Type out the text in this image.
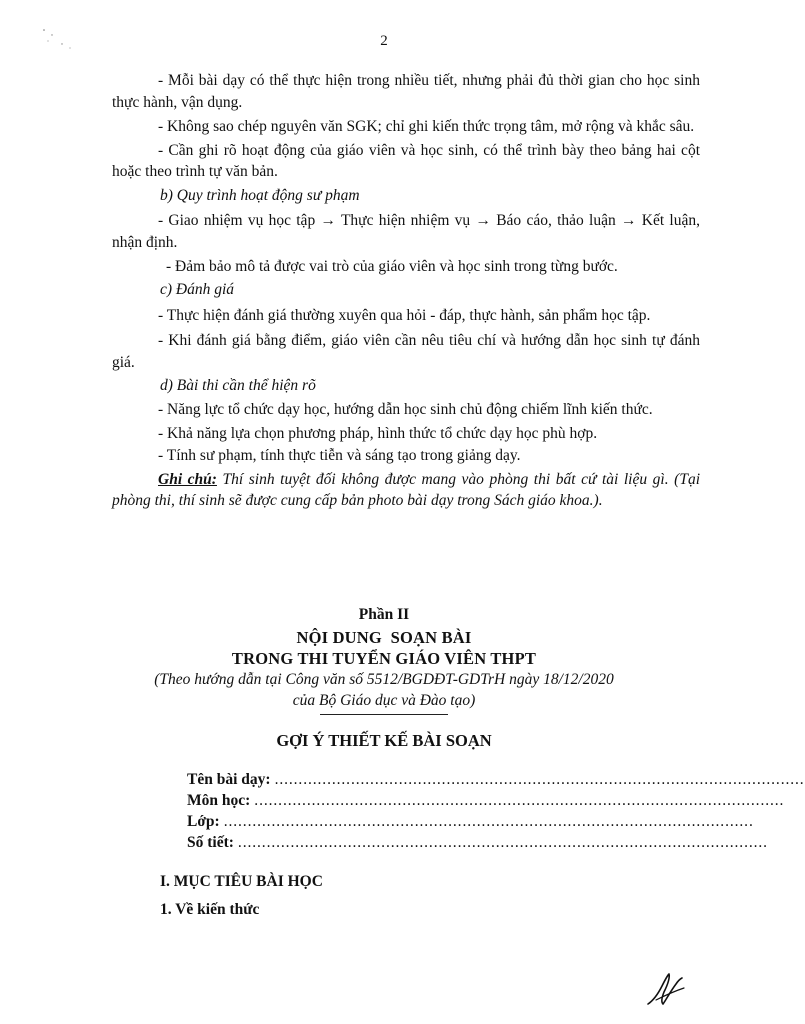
2

- Mỗi bài dạy có thể thực hiện trong nhiều tiết, nhưng phải đủ thời gian cho học sinh thực hành, vận dụng.

- Không sao chép nguyên văn SGK; chỉ ghi kiến thức trọng tâm, mở rộng và khắc sâu.

- Cần ghi rõ hoạt động của giáo viên và học sinh, có thể trình bày theo bảng hai cột hoặc theo trình tự văn bản.

b) Quy trình hoạt động sư phạm

- Giao nhiệm vụ học tập → Thực hiện nhiệm vụ → Báo cáo, thảo luận → Kết luận, nhận định.

- Đảm bảo mô tả được vai trò của giáo viên và học sinh trong từng bước.

c) Đánh giá

- Thực hiện đánh giá thường xuyên qua hỏi - đáp, thực hành, sản phẩm học tập.

- Khi đánh giá bằng điểm, giáo viên cần nêu tiêu chí và hướng dẫn học sinh tự đánh giá.

d) Bài thi cần thể hiện rõ

- Năng lực tổ chức dạy học, hướng dẫn học sinh chủ động chiếm lĩnh kiến thức.

- Khả năng lựa chọn phương pháp, hình thức tổ chức dạy học phù hợp.

- Tính sư phạm, tính thực tiễn và sáng tạo trong giảng dạy.

Ghi chú: Thí sinh tuyệt đối không được mang vào phòng thi bất cứ tài liệu gì. (Tại phòng thi, thí sinh sẽ được cung cấp bản photo bài dạy trong Sách giáo khoa.).

Phần II
NỘI DUNG  SOẠN BÀI
TRONG THI TUYỂN GIÁO VIÊN THPT
(Theo hướng dẫn tại Công văn số 5512/BGDĐT-GDTrH ngày 18/12/2020
của Bộ Giáo dục và Đào tạo)
GỢI Ý THIẾT KẾ BÀI SOẠN
Tên bài dạy: ...............................................................................................................
Môn học: ...............................................................................................................
Lớp: ...............................................................................................................
Số tiết: ...............................................................................................................
I. MỤC TIÊU BÀI HỌC
1. Về kiến thức
